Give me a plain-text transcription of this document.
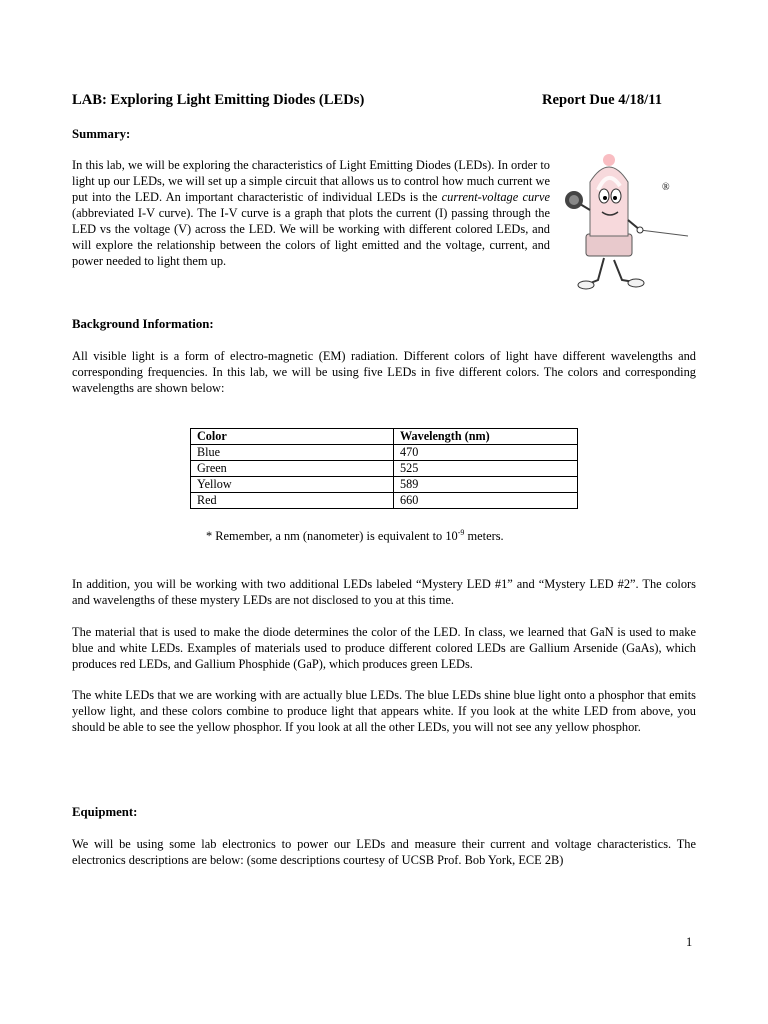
LAB: Exploring Light Emitting Diodes (LEDs)	Report Due 4/18/11
Summary:
In this lab, we will be exploring the characteristics of Light Emitting Diodes (LEDs). In order to light up our LEDs, we will set up a simple circuit that allows us to control how much current we put into the LED. An important characteristic of individual LEDs is the current-voltage curve (abbreviated I-V curve). The I-V curve is a graph that plots the current (I) passing through the LED vs the voltage (V) across the LED. We will be working with different colored LEDs, and will explore the relationship between the colors of light emitted and the voltage, current, and power needed to light them up.
®
Background Information:
All visible light is a form of electro-magnetic (EM) radiation. Different colors of light have different wavelengths and corresponding frequencies. In this lab, we will be using five LEDs in five different colors. The colors and corresponding wavelengths are shown below:
Color	Wavelength (nm)
Blue	470
Green	525
Yellow	589
Red	660
* Remember, a nm (nanometer) is equivalent to $10^{-9}$ meters.
In addition, you will be working with two additional LEDs labeled “Mystery LED #1” and “Mystery LED #2”. The colors and wavelengths of these mystery LEDs are not disclosed to you at this time.
The material that is used to make the diode determines the color of the LED. In class, we learned that GaN is used to make blue and white LEDs. Examples of materials used to produce different colored LEDs are Gallium Arsenide (GaAs), which produces red LEDs, and Gallium Phosphide (GaP), which produces green LEDs.
The white LEDs that we are working with are actually blue LEDs. The blue LEDs shine blue light onto a phosphor that emits yellow light, and these colors combine to produce light that appears white. If you look at the white LED from above, you should be able to see the yellow phosphor. If you look at all the other LEDs, you will not see any yellow phosphor.
Equipment:
We will be using some lab electronics to power our LEDs and measure their current and voltage characteristics. The electronics descriptions are below: (some descriptions courtesy of UCSB Prof. Bob York, ECE 2B)
1
